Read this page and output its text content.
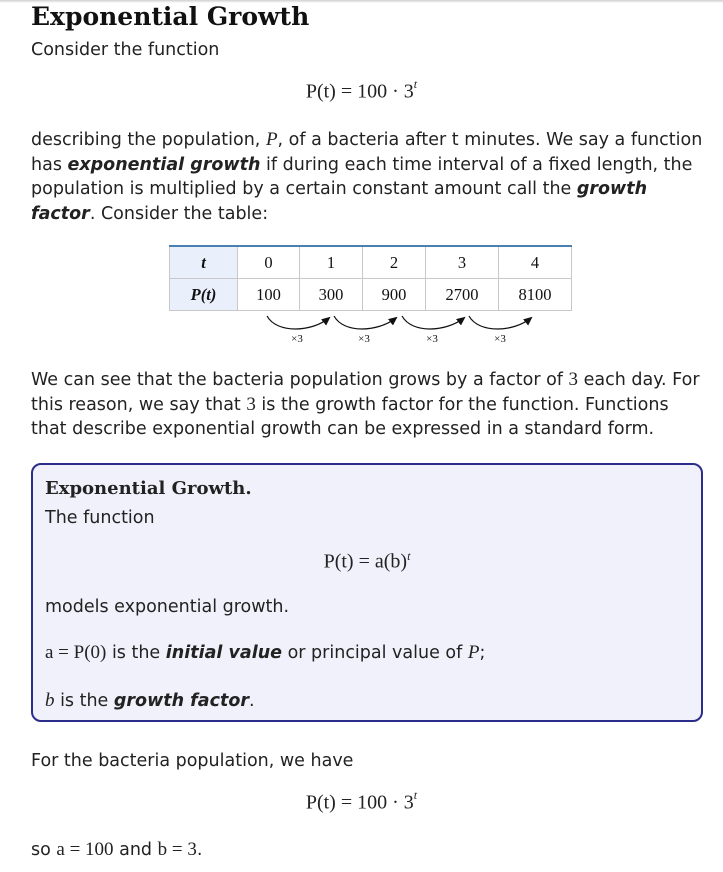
Exponential Growth
Consider the function
$P(t) = 100 \cdot 3^t$
describing the population, P, of a bacteria after t minutes. We say a function has exponential growth if during each time interval of a fixed length, the population is multiplied by a certain constant amount call the growth factor. Consider the table:
t	0	1	2	3	4
P(t)	100	300	900	2700	8100
×3	×3	×3	×3
We can see that the bacteria population grows by a factor of 3 each day. For this reason, we say that 3 is the growth factor for the function. Functions that describe exponential growth can be expressed in a standard form.
Exponential Growth.
The function
$P(t) = a(b)^t$
models exponential growth.
a = P(0) is the initial value or principal value of P;
b is the growth factor.
For the bacteria population, we have
$P(t) = 100 \cdot 3^t$
so a = 100 and b = 3.
